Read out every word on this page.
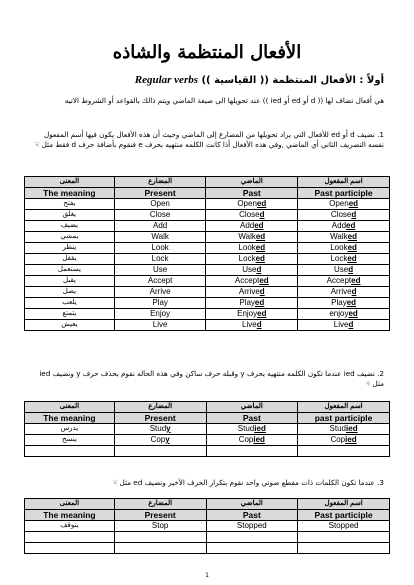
الأفعال المنتظمة والشاذه
أولاً : الأفعال المنتظمة (( القياسية )) Regular verbs
هي أفعال تضاف لها (( d أو ed أو ied )) عند تحويلها الى صيغة الماضي ويتم ذالك بالقواعد أو الشروط الاتيه
1. نضيف d أو ed للأفعال التي يراد تحويلها من المضارع إلى الماضي وحيث أن هذه الأفعال يكون فيها أسم المفعول نفسه التصريف الثاني أي الماضي ,وفي هذه الأفعال أذا كانت الكلمه منتهيه بحرف e فنقوم بأضافة حرف d فقط مثل ☟
المعنى	المضارع	الماضي	اسم المفعول
The meaning	Present	Past	Past participle
يفتح	Open	Opened	Opened
يغلق	Close	Closed	Closed
يضيف	Add	Added	Added
يمشي	Walk	Walked	Walked
ينظر	Look	Looked	Looked
يقفل	Lock	Locked	Locked
يستعمل	Use	Used	Used
يقبل	Accept	Accepted	Accepted
يصل	Arrive	Arrived	Arrived
يلعب	Play	Played	Played
يتمتع	Enjoy	Enjoyed	enjoyed
يعيش	Live	Lived	Lived
2. نضيف ied عندما تكون الكلمه منتهيه بحرف y وقبله حرف ساكن وفي هذه الحاله نقوم بحذف حرف y ونضيف ied مثل ☟
المعنى	المضارع	الماضي	اسم المفعول
The meaning	Present	Past	past participle
يدرس	Study	Studied	Studied
ينسخ	Copy	Copied	Copied

3. عندما تكون الكلمات ذات مقطع صوتي واحد نقوم بتكرار الحرف الأخير ونضيف ed مثل ☟
المعنى	المضارع	الماضي	اسم المفعول
The meaning	Present	Past	Past participle
يتوقف	Stop	Stopped	Stopped

1
